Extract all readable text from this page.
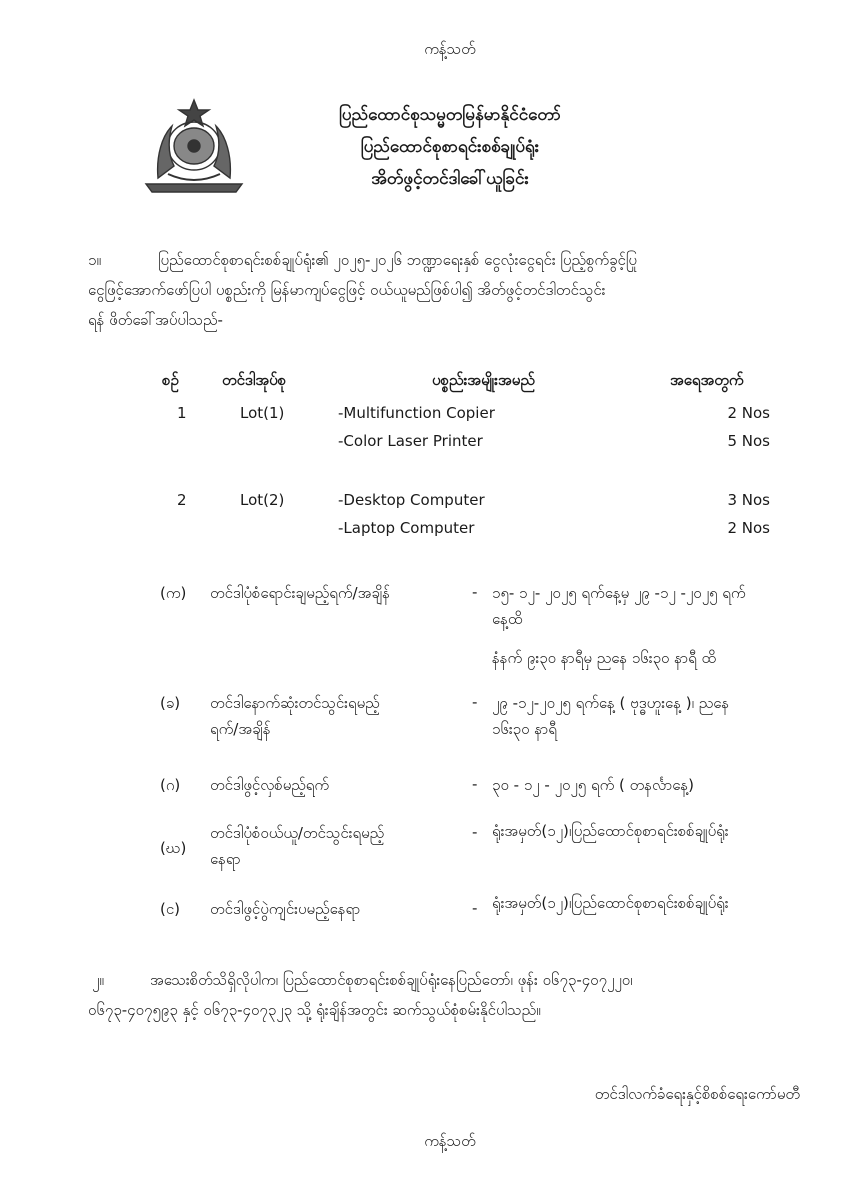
ကန့်သတ်
ပြည်ထောင်စုသမ္မတမြန်မာနိုင်ငံတော်
ပြည်ထောင်စုစာရင်းစစ်ချုပ်ရုံး
အိတ်ဖွင့်တင်ဒါခေါ်ယူခြင်း
၁။	ပြည်ထောင်စုစာရင်းစစ်ချုပ်ရုံး၏ ၂၀၂၅-၂၀၂၆ ဘဏ္ဍာရေးနှစ် ငွေလုံးငွေရင်း ပြည့်စွက်ခွင့်ပြု
ငွေဖြင့်အောက်ဖော်ပြပါ ပစ္စည်းကို မြန်မာကျပ်ငွေဖြင့် ဝယ်ယူမည်ဖြစ်ပါ၍ အိတ်ဖွင့်တင်ဒါတင်သွင်း
ရန် ဖိတ်ခေါ်အပ်ပါသည်-
စဉ်	တင်ဒါအုပ်စု	ပစ္စည်းအမျိုးအမည်	အရေအတွက်
1	Lot(1)	-Multifunction Copier	2 Nos
-Color Laser Printer	5 Nos
2	Lot(2)	-Desktop Computer	3 Nos
-Laptop Computer	2 Nos
(က) တင်ဒါပုံစံရောင်းချမည့်ရက်/အချိန်	- ၁၅- ၁၂- ၂၀၂၅ ရက်နေ့မှ ၂၉ -၁၂ -၂၀၂၅ ရက်
နေ့ထိ
နံနက် ၉း၃၀ နာရီမှ ညနေ ၁၆း၃၀ နာရီ ထိ
(ခ) တင်ဒါနောက်ဆုံးတင်သွင်းရမည့်
ရက်/အချိန်
- ၂၉ -၁၂-၂၀၂၅ ရက်နေ့ ( ဗုဒ္ဓဟူးနေ့ )၊ ညနေ
၁၆း၃၀ နာရီ
(ဂ) တင်ဒါဖွင့်လှစ်မည့်ရက်	- ၃၀ - ၁၂ - ၂၀၂၅ ရက် ( တနင်္လာနေ့)
(ဃ)
တင်ဒါပုံစံဝယ်ယူ/တင်သွင်းရမည့်
နေရာ
- ရုံးအမှတ်(၁၂)၊ပြည်ထောင်စုစာရင်းစစ်ချုပ်ရုံး
(င) တင်ဒါဖွင့်ပွဲကျင်းပမည့်နေရာ	- ရုံးအမှတ်(၁၂)၊ပြည်ထောင်စုစာရင်းစစ်ချုပ်ရုံး
၂။	အသေးစိတ်သိရှိလိုပါက၊ ပြည်ထောင်စုစာရင်းစစ်ချုပ်ရုံးနေပြည်တော်၊ ဖုန်း ၀၆၇၃-၄၀၇၂၂၀၊
၀၆၇၃-၄၀၇၅၉၃ နှင့် ၀၆၇၃-၄၀၇၃၂၃ သို့ ရုံးချိန်အတွင်း ဆက်သွယ်စုံစမ်းနိုင်ပါသည်။
တင်ဒါလက်ခံရေးနှင့်စိစစ်ရေးကော်မတီ
ကန့်သတ်
